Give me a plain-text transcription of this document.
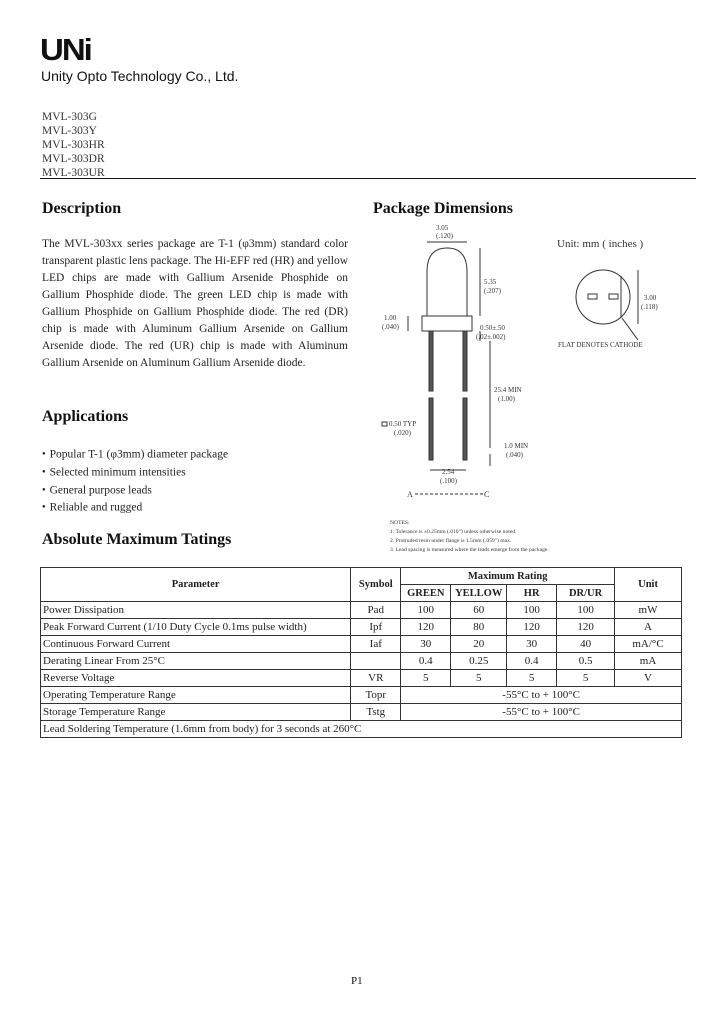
UNi
Unity Opto Technology Co., Ltd.
MVL-303G
MVL-303Y
MVL-303HR
MVL-303DR
MVL-303UR
Description
The MVL-303xx series package are T-1 (φ3mm) standard color transparent plastic lens package. The Hi-EFF red (HR) and yellow LED chips are made with Gallium Arsenide Phosphide on Gallium Phosphide diode. The green LED chip is made with Gallium Phosphide on Gallium Phosphide diode. The red (DR) chip is made with Aluminum Gallium Arsenide on Gallium Arsenide diode. The red (UR) chip is made with Aluminum Gallium Arsenide on Aluminum Gallium Arsenide diode.
Applications
● Popular T-1 (φ3mm) diameter package
● Selected minimum intensities
● General purpose leads
● Reliable and rugged
Absolute Maximum Tatings
Package Dimensions
3.05
(.120)
5.35
(.207)
1.00
(.040)	0.50±.50
(.02±.002)
25.4 MIN
(1.00)
0.50 TYP
(.020)
1.0 MIN
(.040)
2.54
(.100)
3.00
(.118)
FLAT DENOTES CATHODE
A	C
Unit: mm ( inches )
NOTES:
1. Tolerance is ±0.25mm (.010") unless otherwise noted.
2. Protruded resin under flange is 1.5mm (.059") max.
3. Lead spacing is measured where the leads emerge from the package.
Parameter	Symbol	Maximum Rating				Unit
		GREEN	YELLOW	HR	DR/UR	
Power Dissipation	Pad	100	60	100	100	mW
Peak Forward Current (1/10 Duty Cycle 0.1ms pulse width)	Ipf	120	80	120	120	A
Continuous Forward Current	Iaf	30	20	30	40	mA/°C
Derating Linear From 25°C		0.4	0.25	0.4	0.5	mA
Reverse Voltage	VR	5	5	5	5	V
Operating Temperature Range	Topr	-55°C to + 100°C				
Storage Temperature Range	Tstg	-55°C to + 100°C				
Lead Soldering Temperature (1.6mm from body) for 3 seconds at 260°C						
P1
